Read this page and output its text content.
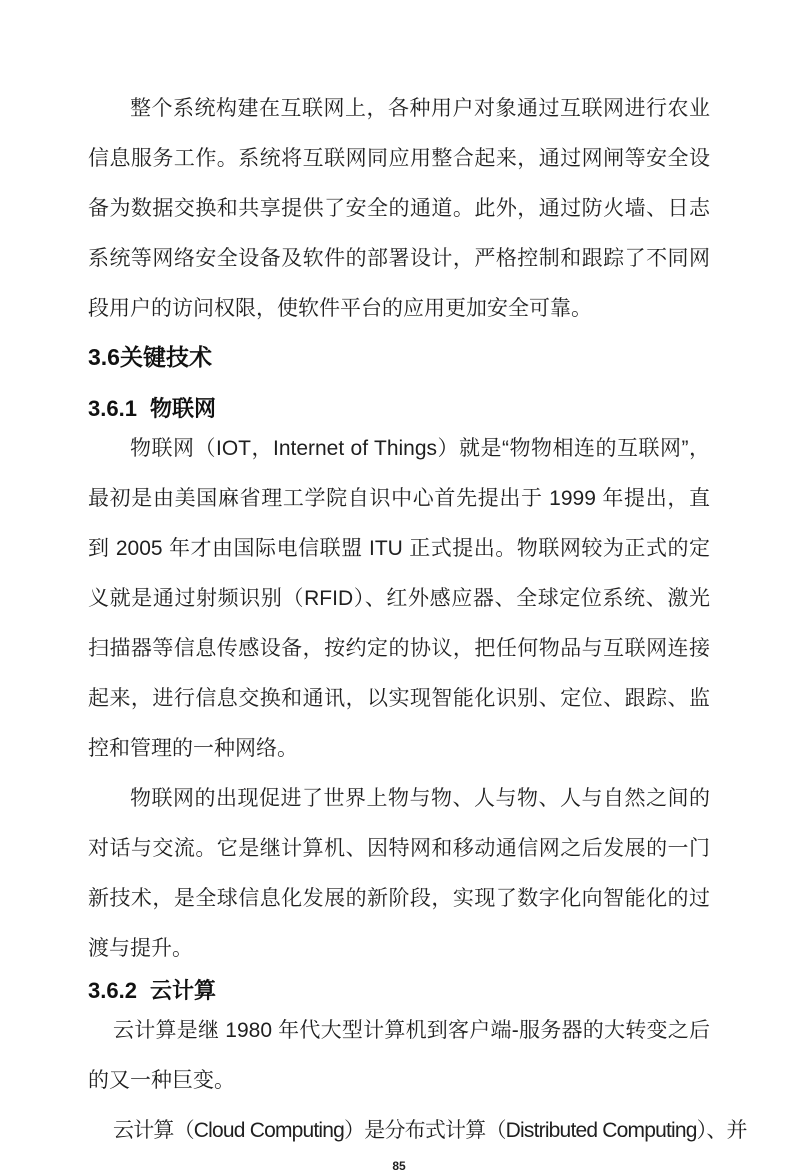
整个系统构建在互联网上，各种用户对象通过互联网进行农业信息服务工作。系统将互联网同应用整合起来，通过网闸等安全设备为数据交换和共享提供了安全的通道。此外，通过防火墙、日志系统等网络安全设备及软件的部署设计，严格控制和跟踪了不同网段用户的访问权限，使软件平台的应用更加安全可靠。

3.6关键技术
3.6.1 物联网

物联网（IOT，Internet of Things）就是“物物相连的互联网”，最初是由美国麻省理工学院自识中心首先提出于 1999 年提出，直到 2005 年才由国际电信联盟 ITU 正式提出。物联网较为正式的定义就是通过射频识别（RFID）、红外感应器、全球定位系统、激光扫描器等信息传感设备，按约定的协议，把任何物品与互联网连接起来，进行信息交换和通讯，以实现智能化识别、定位、跟踪、监控和管理的一种网络。

物联网的出现促进了世界上物与物、人与物、人与自然之间的对话与交流。它是继计算机、因特网和移动通信网之后发展的一门新技术，是全球信息化发展的新阶段，实现了数字化向智能化的过渡与提升。

3.6.2 云计算

云计算是继 1980 年代大型计算机到客户端-服务器的大转变之后的又一种巨变。

云计算（Cloud Computing）是分布式计算（Distributed Computing）、并

85
